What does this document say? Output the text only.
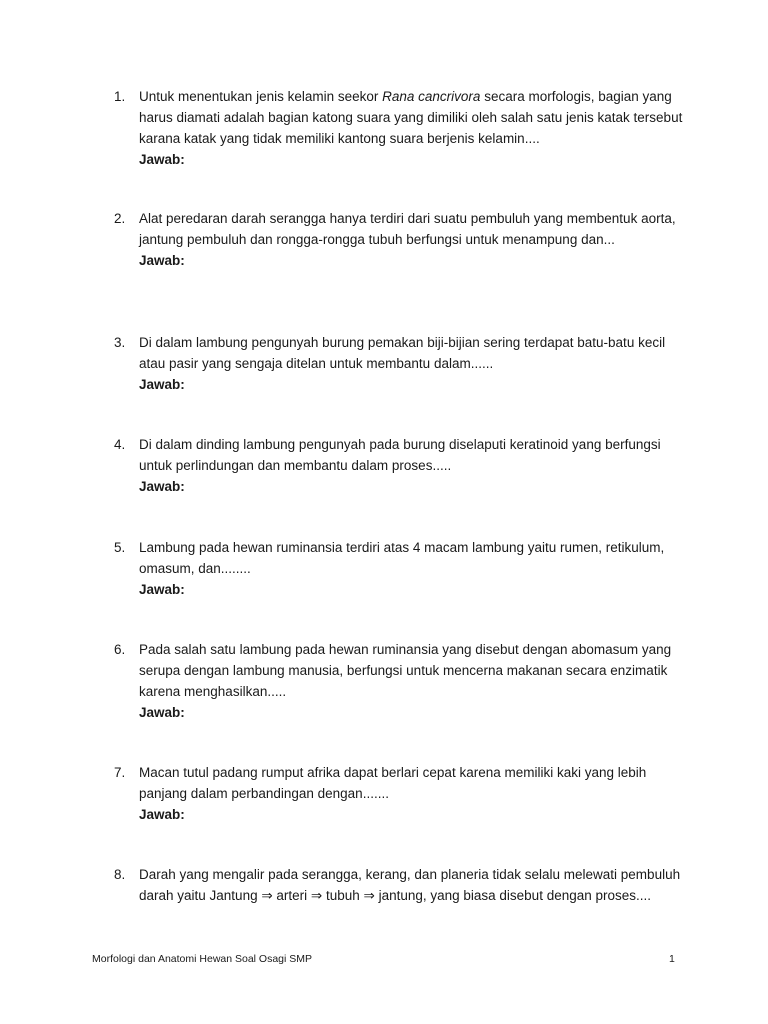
1.	Untuk menentukan jenis kelamin seekor Rana cancrivora secara morfologis, bagian yang harus diamati adalah bagian katong suara yang dimiliki oleh salah satu jenis katak tersebut karana katak yang tidak memiliki kantong suara berjenis kelamin....
Jawab:
2.	Alat peredaran darah serangga hanya terdiri dari suatu pembuluh yang membentuk aorta, jantung pembuluh dan rongga-rongga tubuh berfungsi untuk menampung dan...
Jawab:
3.	Di dalam lambung pengunyah burung pemakan biji-bijian sering terdapat batu-batu kecil atau pasir yang sengaja ditelan untuk membantu dalam......
Jawab:
4.	Di dalam dinding lambung pengunyah pada burung diselaputi keratinoid yang berfungsi untuk perlindungan dan membantu dalam proses.....
Jawab:
5.	Lambung pada hewan ruminansia terdiri atas 4 macam lambung yaitu rumen, retikulum, omasum, dan........
Jawab:
6.	Pada salah satu lambung pada hewan ruminansia yang disebut dengan abomasum yang serupa dengan lambung manusia, berfungsi untuk mencerna makanan secara enzimatik karena menghasilkan.....
Jawab:
7.	Macan tutul padang rumput afrika dapat berlari cepat karena memiliki kaki yang lebih panjang dalam perbandingan dengan.......
Jawab:
8.	Darah yang mengalir pada serangga, kerang, dan planeria tidak selalu melewati pembuluh darah yaitu Jantung ⇒ arteri ⇒ tubuh ⇒ jantung, yang biasa disebut dengan proses....
Morfologi dan Anatomi Hewan Soal Osagi SMP	1
